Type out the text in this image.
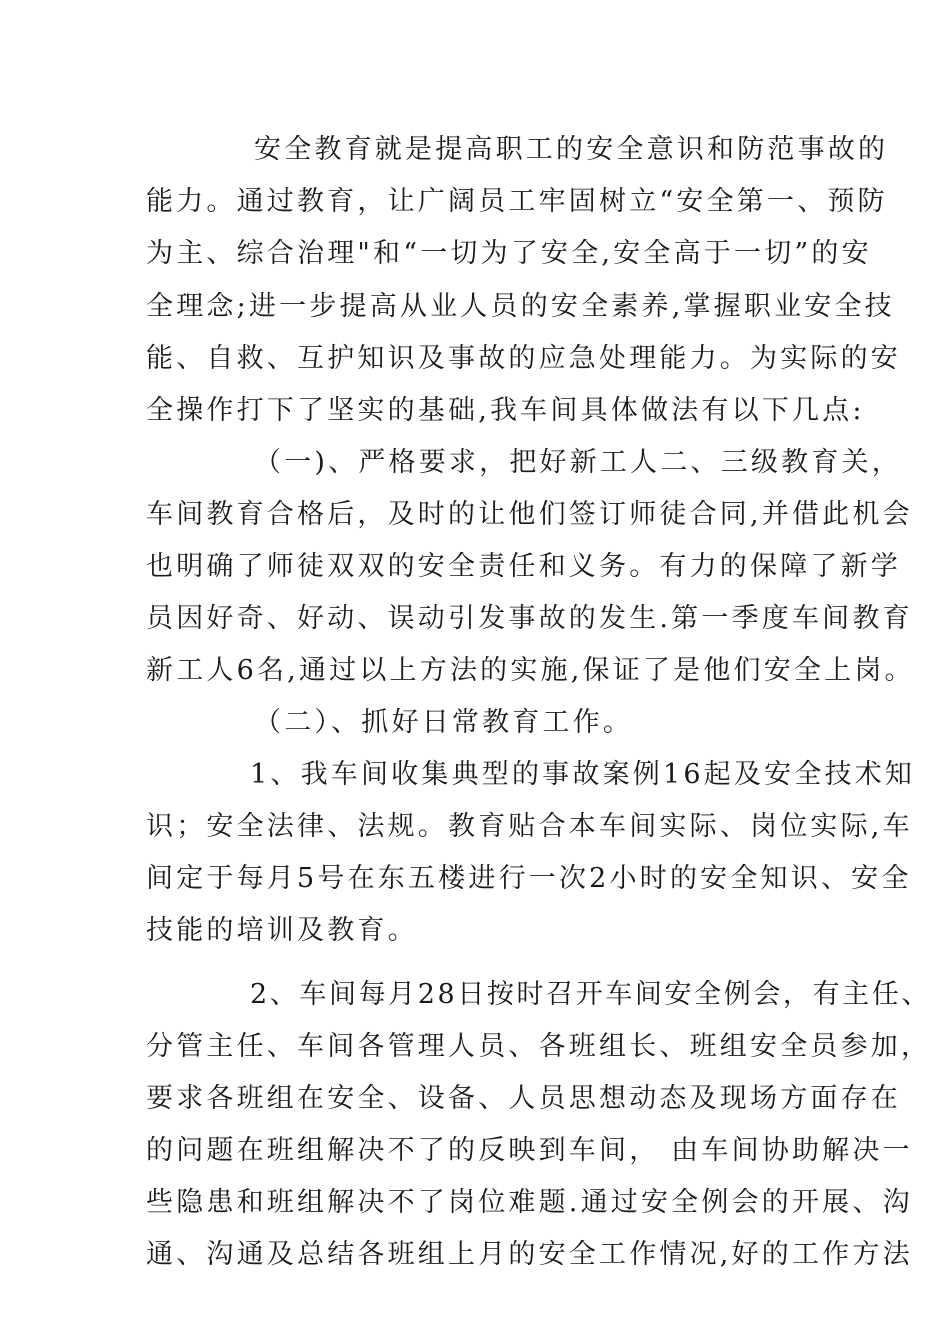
安全教育就是提高职工的安全意识和防范事故的
能力。通过教育，让广阔员工牢固树立“安全第一、预防
为主、综合治理"和“一切为了安全,安全高于一切”的安
全理念;进一步提高从业人员的安全素养,掌握职业安全技
能、自救、互护知识及事故的应急处理能力。为实际的安
全操作打下了坚实的基础,我车间具体做法有以下几点:
（一)、严格要求，把好新工人二、三级教育关，
车间教育合格后，及时的让他们签订师徒合同,并借此机会
也明确了师徒双双的安全责任和义务。有力的保障了新学
员因好奇、好动、误动引发事故的发生.第一季度车间教育
新工人6名,通过以上方法的实施,保证了是他们安全上岗。
（二）、抓好日常教育工作。
1、我车间收集典型的事故案例16起及安全技术知
识；安全法律、法规。教育贴合本车间实际、岗位实际,车
间定于每月5号在东五楼进行一次2小时的安全知识、安全
技能的培训及教育。
2、车间每月28日按时召开车间安全例会，有主任、
分管主任、车间各管理人员、各班组长、班组安全员参加，
要求各班组在安全、设备、人员思想动态及现场方面存在
的问题在班组解决不了的反映到车间， 由车间协助解决一
些隐患和班组解决不了岗位难题.通过安全例会的开展、沟
通、沟通及总结各班组上月的安全工作情况,好的工作方法
